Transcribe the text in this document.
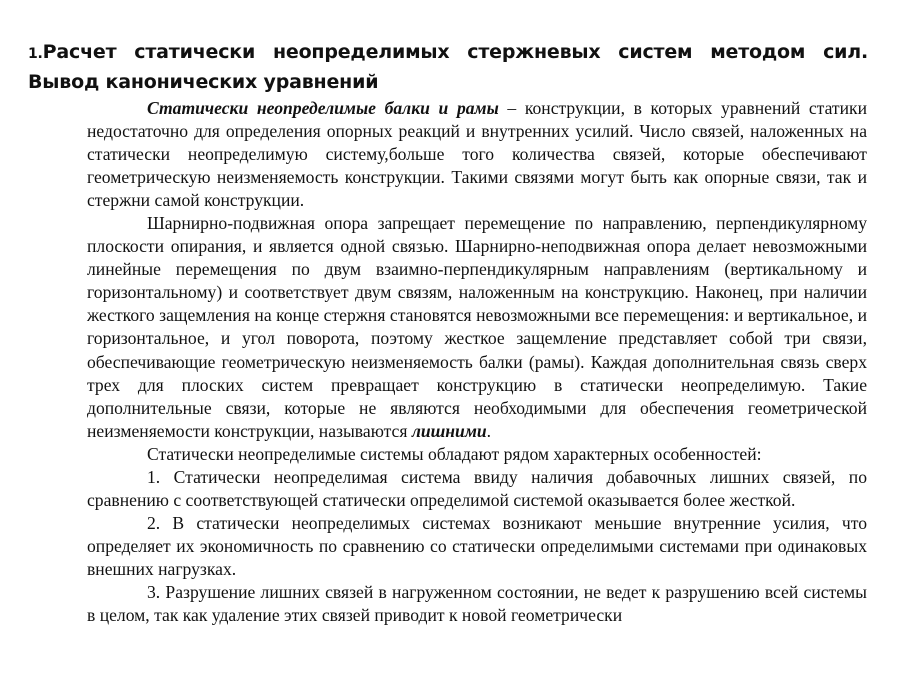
1.Расчет статически неопределимых стержневых систем методом сил. Вывод канонических уравнений

Статически неопределимые балки и рамы – конструкции, в которых уравнений статики недостаточно для определения опорных реакций и внутренних усилий. Число связей, наложенных на статически неопределимую систему,больше того количества связей, которые обеспечивают геометрическую неизменяемость конструкции. Такими связями могут быть как опорные связи, так и стержни самой конструкции.

Шарнирно-подвижная опора запрещает перемещение по направлению, перпендикулярному плоскости опирания, и является одной связью. Шарнирно-неподвижная опора делает невозможными линейные перемещения по двум взаимно-перпендикулярным направлениям (вертикальному и горизонтальному) и соответствует двум связям, наложенным на конструкцию. Наконец, при наличии жесткого защемления на конце стержня становятся невозможными все перемещения: и вертикальное, и горизонтальное, и угол поворота, поэтому жесткое защемление представляет собой три связи, обеспечивающие геометрическую неизменяемость балки (рамы). Каждая дополнительная связь сверх трех для плоских систем превращает конструкцию в статически неопределимую. Такие дополнительные связи, которые не являются необходимыми для обеспечения геометрической неизменяемости конструкции, называются лишними.

Статически неопределимые системы обладают рядом характерных особенностей:

1. Статически неопределимая система ввиду наличия добавочных лишних связей, по сравнению с соответствующей статически определимой системой оказывается более жесткой.

2. В статически неопределимых системах возникают меньшие внутренние усилия, что определяет их экономичность по сравнению со статически определимыми системами при одинаковых внешних нагрузках.

3. Разрушение лишних связей в нагруженном состоянии, не ведет к разрушению всей системы в целом, так как удаление этих связей приводит к новой геометрически
